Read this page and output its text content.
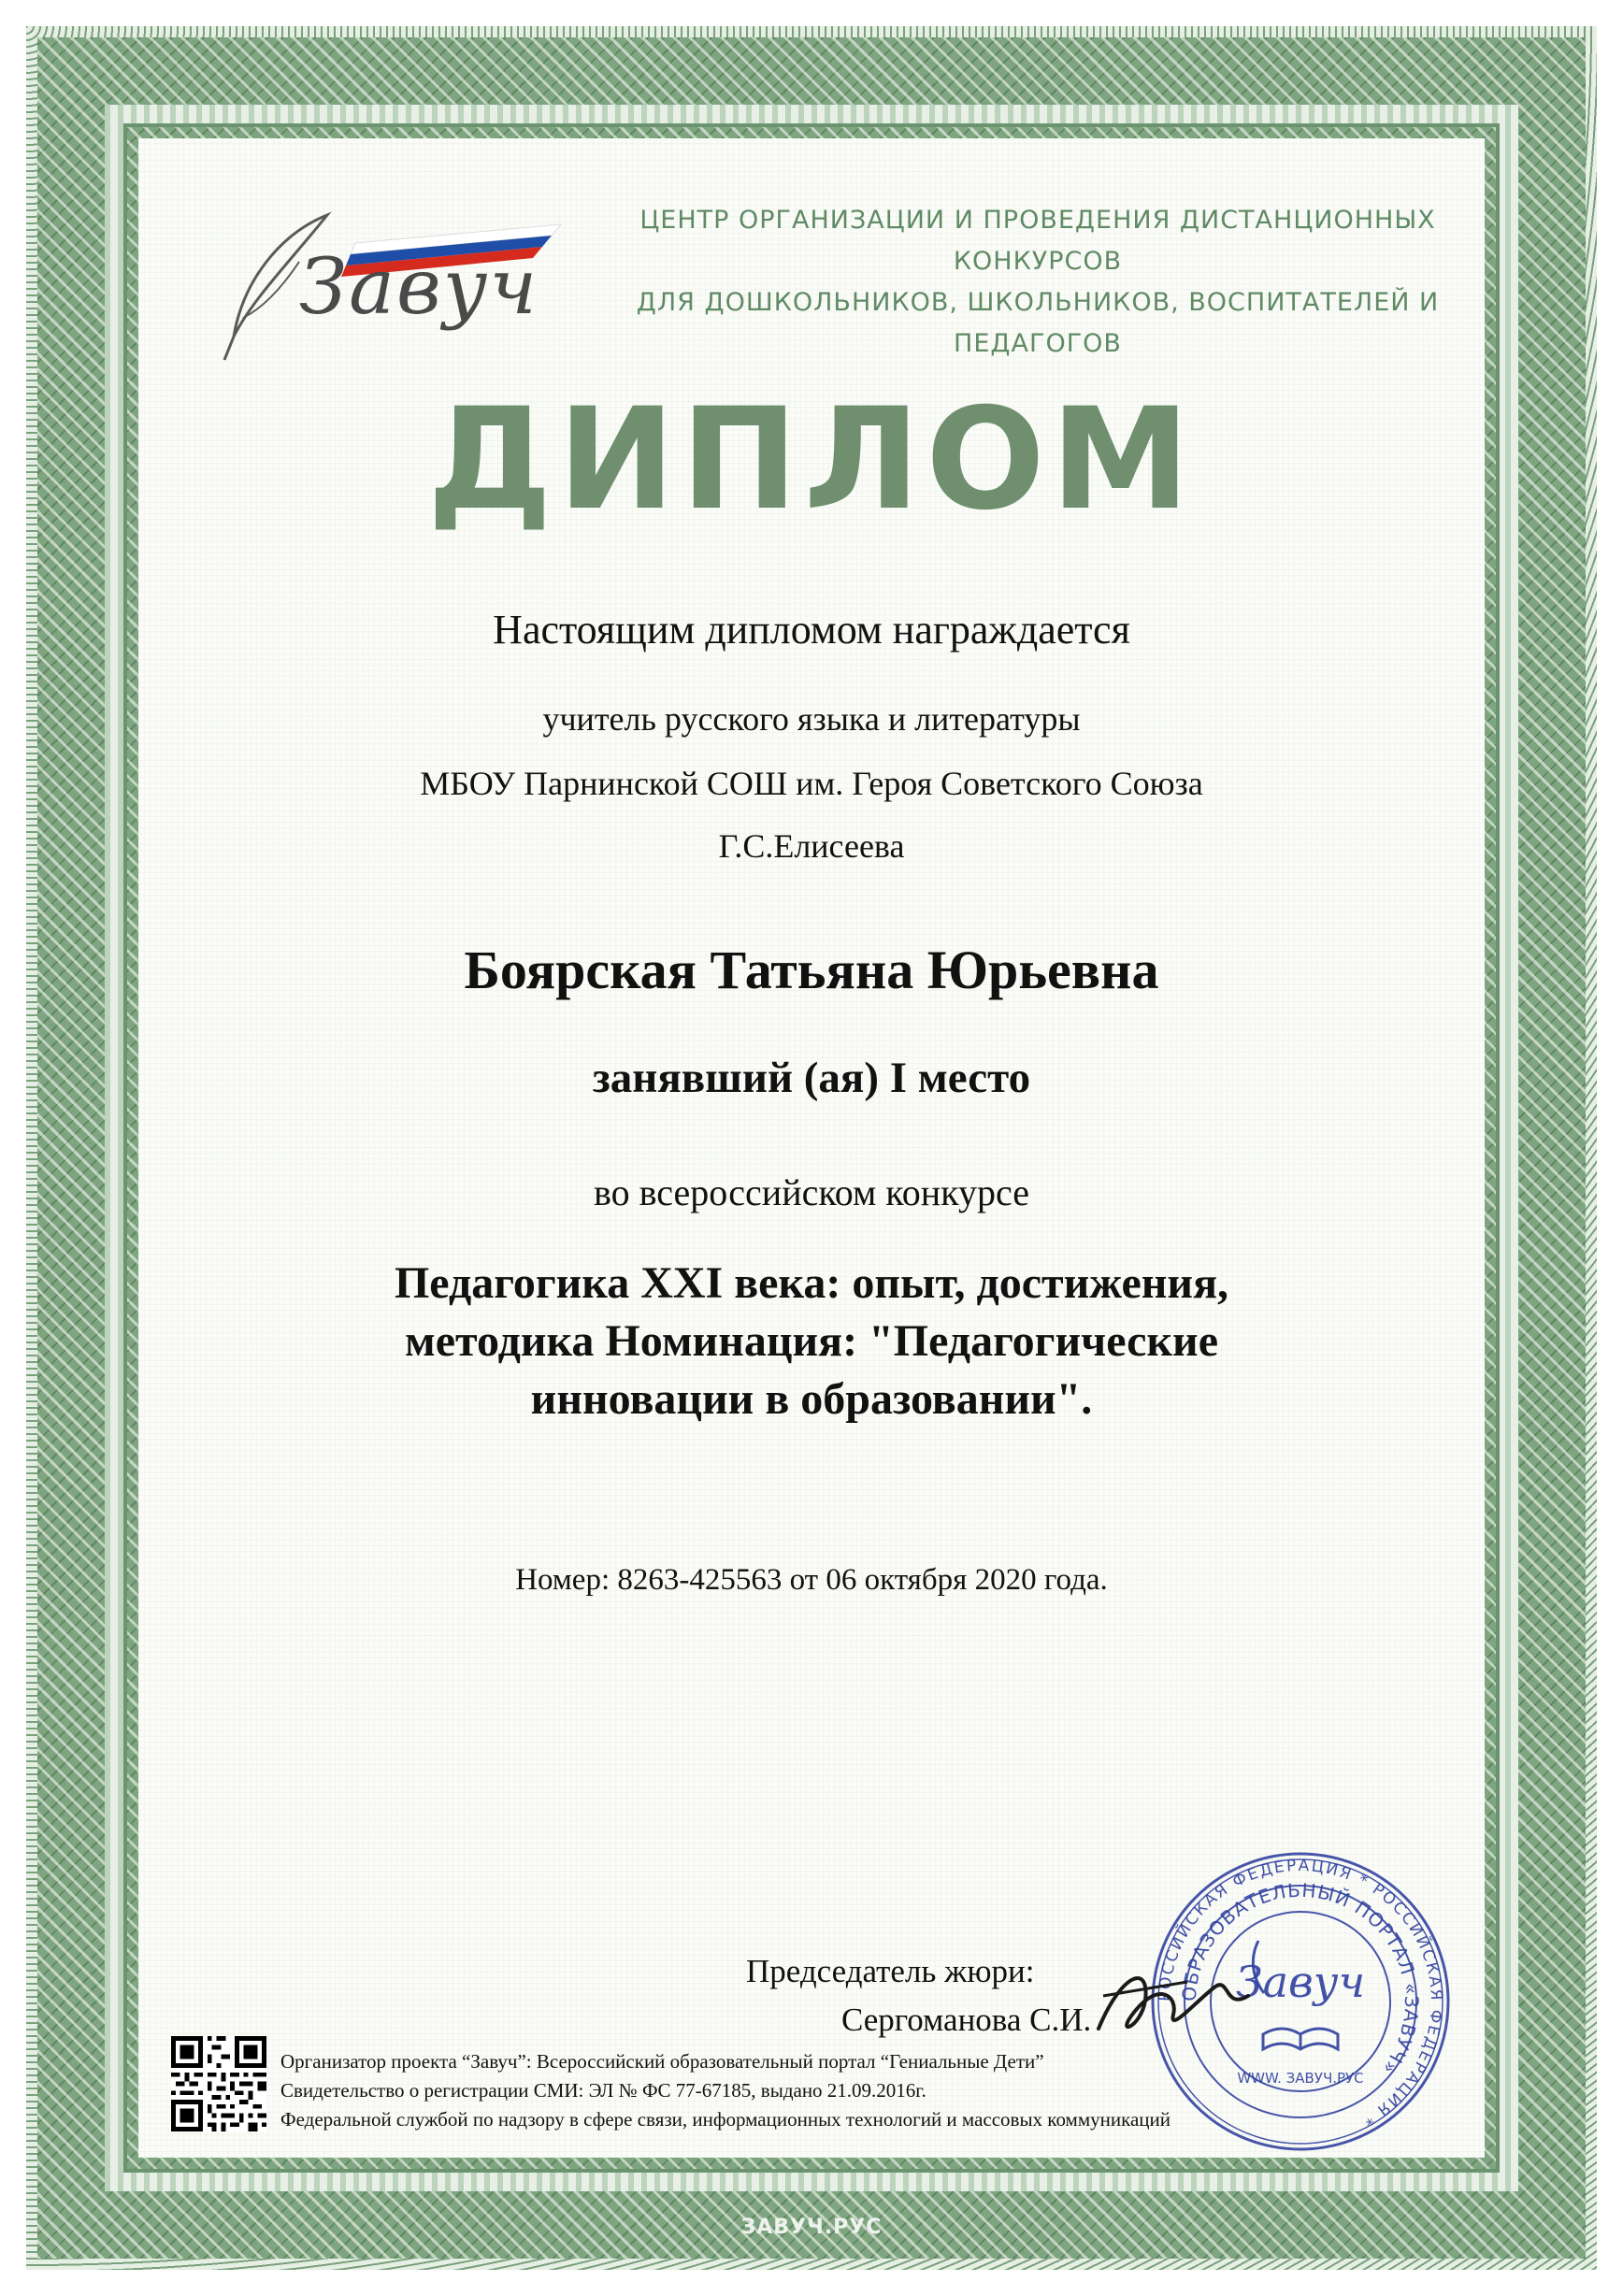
Завуч
ЦЕНТР ОРГАНИЗАЦИИ И ПРОВЕДЕНИЯ ДИСТАНЦИОННЫХ КОНКУРСОВ
ДЛЯ ДОШКОЛЬНИКОВ, ШКОЛЬНИКОВ, ВОСПИТАТЕЛЕЙ И ПЕДАГОГОВ
ДИПЛОМ
Настоящим дипломом награждается
учитель русского языка и литературы
МБОУ Парнинской СОШ им. Героя Советского Союза
Г.С.Елисеева
Боярская Татьяна Юрьевна
занявший (ая) I место
во всероссийском конкурсе
Педагогика XXI века: опыт, достижения,
методика Номинация: "Педагогические
инновации в образовании".
Номер: 8263-425563 от 06 октября 2020 года.
Председатель жюри:
Сергоманова С.И.
Организатор проекта “Завуч”: Всероссийский образовательный портал “Гениальные Дети”
Свидетельство о регистрации СМИ: ЭЛ № ФС 77-67185, выдано 21.09.2016г.
Федеральной службой по надзору в сфере связи, информационных технологий и массовых коммуникаций
РОССИЙСКАЯ ФЕДЕРАЦИЯ * РОССИЙСКАЯ ФЕДЕРАЦИЯ *
ОБРАЗОВАТЕЛЬНЫЙ ПОРТАЛ «ЗАВУЧ»
Завуч
WWW. ЗАВУЧ.РУС
ЗАВУЧ.РУС
